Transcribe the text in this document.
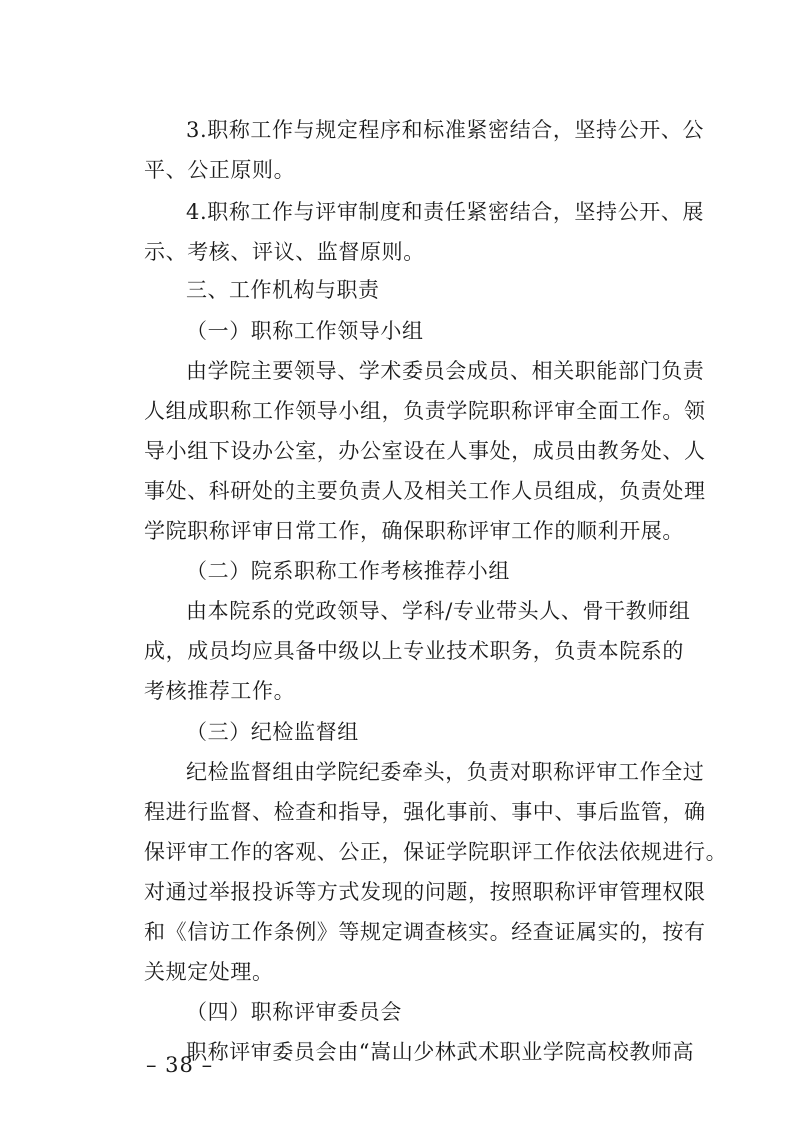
3.职称工作与规定程序和标准紧密结合，坚持公开、公
平、公正原则。
4.职称工作与评审制度和责任紧密结合，坚持公开、展
示、考核、评议、监督原则。
三、工作机构与职责
（一）职称工作领导小组
由学院主要领导、学术委员会成员、相关职能部门负责
人组成职称工作领导小组，负责学院职称评审全面工作。领
导小组下设办公室，办公室设在人事处，成员由教务处、人
事处、科研处的主要负责人及相关工作人员组成，负责处理
学院职称评审日常工作，确保职称评审工作的顺利开展。
（二）院系职称工作考核推荐小组
由本院系的党政领导、学科/专业带头人、骨干教师组
成，成员均应具备中级以上专业技术职务，负责本院系的
考核推荐工作。
（三）纪检监督组
纪检监督组由学院纪委牵头，负责对职称评审工作全过
程进行监督、检查和指导，强化事前、事中、事后监管，确
保评审工作的客观、公正，保证学院职评工作依法依规进行。
对通过举报投诉等方式发现的问题，按照职称评审管理权限
和《信访工作条例》等规定调查核实。经查证属实的，按有
关规定处理。
（四）职称评审委员会
职称评审委员会由“嵩山少林武术职业学院高校教师高
– 38 –
